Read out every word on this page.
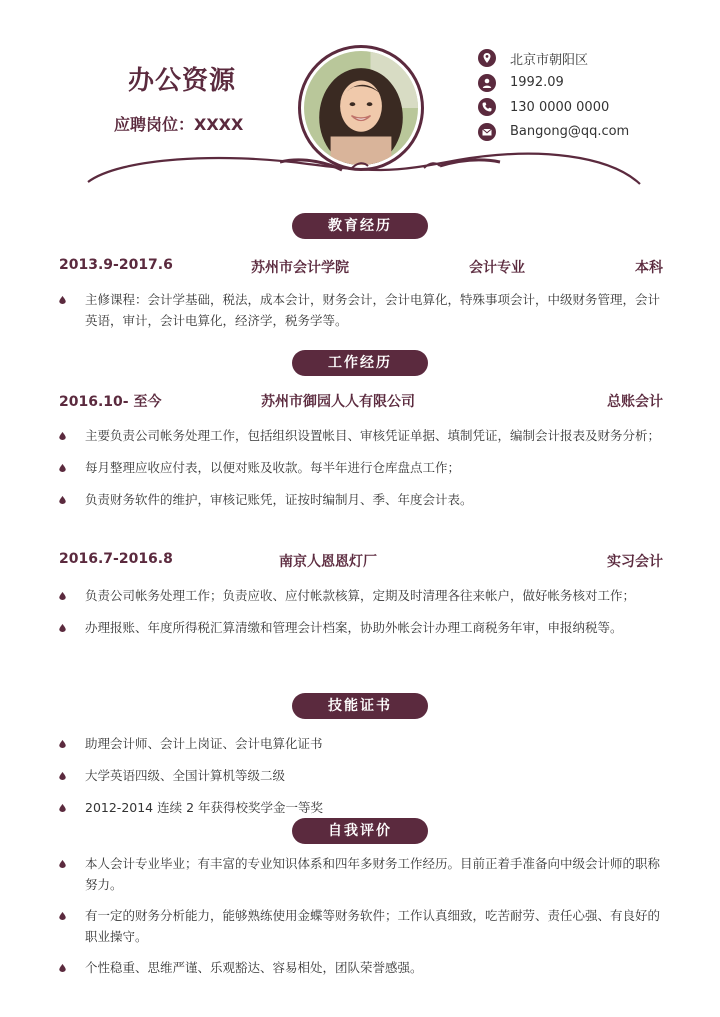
办公资源
应聘岗位：XXXX
北京市朝阳区
1992.09
130 0000 0000
Bangong@qq.com
教育经历
2013.9-2017.6	苏州市会计学院	会计专业	本科
主修课程：会计学基础，税法，成本会计，财务会计，会计电算化，特殊事项会计，中级财务管理，会计英语，审计，会计电算化，经济学，税务学等。
工作经历
2016.10- 至今	苏州市御园人人有限公司	总账会计
主要负责公司帐务处理工作，包括组织设置帐目、审核凭证单据、填制凭证，编制会计报表及财务分析；
每月整理应收应付表，以便对账及收款。每半年进行仓库盘点工作；
负责财务软件的维护，审核记账凭，证按时编制月、季、年度会计表。
2016.7-2016.8	南京人恩恩灯厂	实习会计
负责公司帐务处理工作；负责应收、应付帐款核算，定期及时清理各往来帐户，做好帐务核对工作；
办理报账、年度所得税汇算清缴和管理会计档案，协助外帐会计办理工商税务年审，申报纳税等。
技能证书
助理会计师、会计上岗证、会计电算化证书
大学英语四级、全国计算机等级二级
2012-2014 连续 2 年获得校奖学金一等奖
自我评价
本人会计专业毕业；有丰富的专业知识体系和四年多财务工作经历。目前正着手准备向中级会计师的职称努力。
有一定的财务分析能力，能够熟练使用金蝶等财务软件；工作认真细致，吃苦耐劳、责任心强、有良好的职业操守。
个性稳重、思维严谨、乐观豁达、容易相处，团队荣誉感强。
